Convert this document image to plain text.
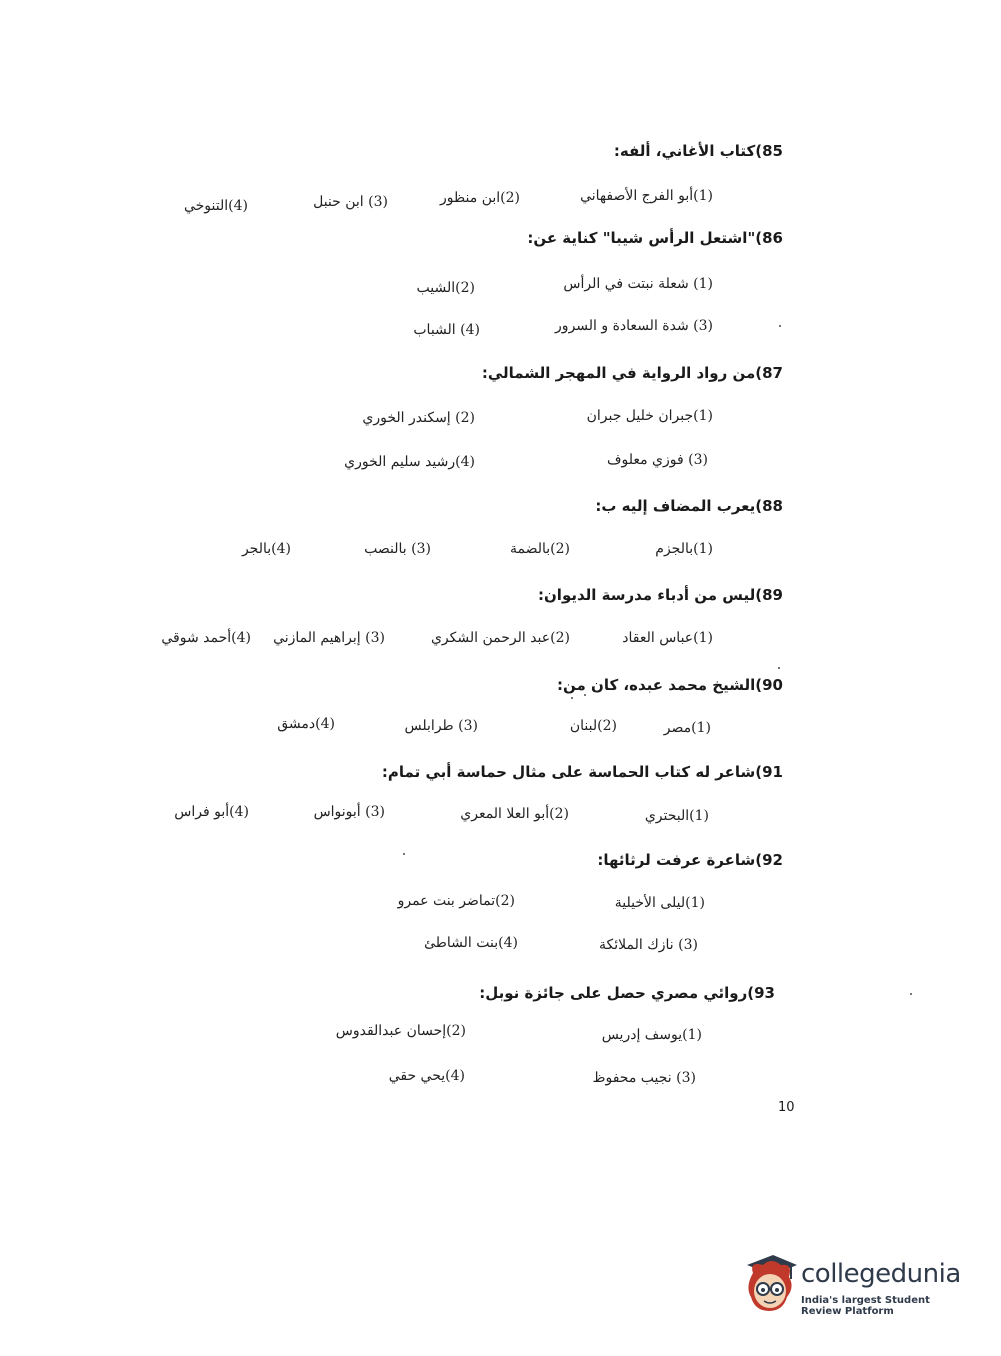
85)كتاب الأغاني، ألفه:
(1)أبو الفرج الأصفهاني
(2)ابن منظور
(3) ابن حنبل
(4)التنوخي
86)"اشتعل الرأس شيبا" كناية عن:
(1) شعلة نبتت في الرأس
(2)الشيب
(3) شدة السعادة و السرور
(4) الشباب
87)من رواد الرواية في المهجر الشمالي:
(1)جبران خليل جبران
(2) إسكندر الخوري
(3) فوزي معلوف
(4)رشيد سليم الخوري
88)يعرب المضاف إليه ب:
(1)بالجزم
(2)بالضمة
(3) بالنصب
(4)بالجر
89)ليس من أدباء مدرسة الديوان:
(1)عباس العقاد
(2)عبد الرحمن الشكري
(3) إبراهيم المازني
(4)أحمد شوقي
90)الشيخ محمد عبده، كان من:
(1)مصر
(2)لبنان
(3) طرابلس
(4)دمشق
91)شاعر له كتاب الحماسة على مثال حماسة أبي تمام:
(1)البحتري
(2)أبو العلا المعري
(3) أبونواس
(4)أبو فراس
92)شاعرة عرفت لرثائها:
(1)ليلى الأخيلية
(2)تماضر بنت عمرو
(3) نازك الملائكة
(4)بنت الشاطئ
93)روائي مصري حصل على جائزة نوبل:
(1)يوسف إدريس
(2)إحسان عبدالقدوس
(3) نجيب محفوظ
(4)يحي حقي
10
collegedunia
India's largest Student Review Platform
